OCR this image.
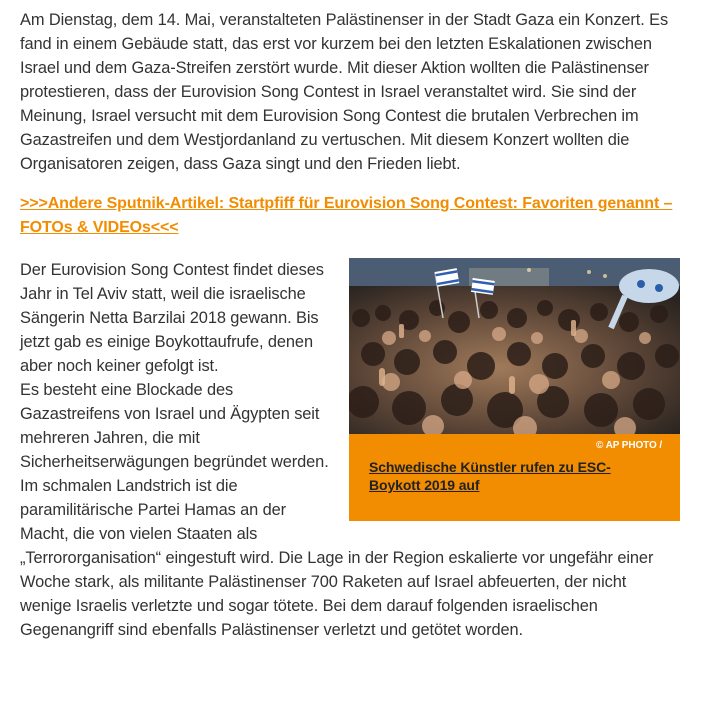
Am Dienstag, dem 14. Mai, veranstalteten Palästinenser in der Stadt Gaza ein Konzert. Es fand in einem Gebäude statt, das erst vor kurzem bei den letzten Eskalationen zwischen Israel und dem Gaza-Streifen zerstört wurde. Mit dieser Aktion wollten die Palästinenser protestieren, dass der Eurovision Song Contest in Israel veranstaltet wird. Sie sind der Meinung, Israel versucht mit dem Eurovision Song Contest die brutalen Verbrechen im Gazastreifen und dem Westjordanland zu vertuschen. Mit diesem Konzert wollten die Organisatoren zeigen, dass Gaza singt und den Frieden liebt.

>>>Andere Sputnik-Artikel: Startpfiff für Eurovision Song Contest: Favoriten genannt – FOTOs & VIDEOs<<<
© AP PHOTO /
Schwedische Künstler rufen zu ESC-Boykott 2019 auf

Der Eurovision Song Contest findet dieses Jahr in Tel Aviv statt, weil die israelische Sängerin Netta Barzilai 2018 gewann. Bis jetzt gab es einige Boykottaufrufe, denen aber noch keiner gefolgt ist.

Es besteht eine Blockade des Gazastreifens von Israel und Ägypten seit mehreren Jahren, die mit Sicherheitserwägungen begründet werden. Im schmalen Landstrich ist die paramilitärische Partei Hamas an der Macht, die von vielen Staaten als „Terrororganisation“ eingestuft wird. Die Lage in der Region eskalierte vor ungefähr einer Woche stark, als militante Palästinenser 700 Raketen auf Israel abfeuerten, der nicht wenige Israelis verletzte und sogar tötete. Bei dem darauf folgenden israelischen Gegenangriff sind ebenfalls Palästinenser verletzt und getötet worden.
